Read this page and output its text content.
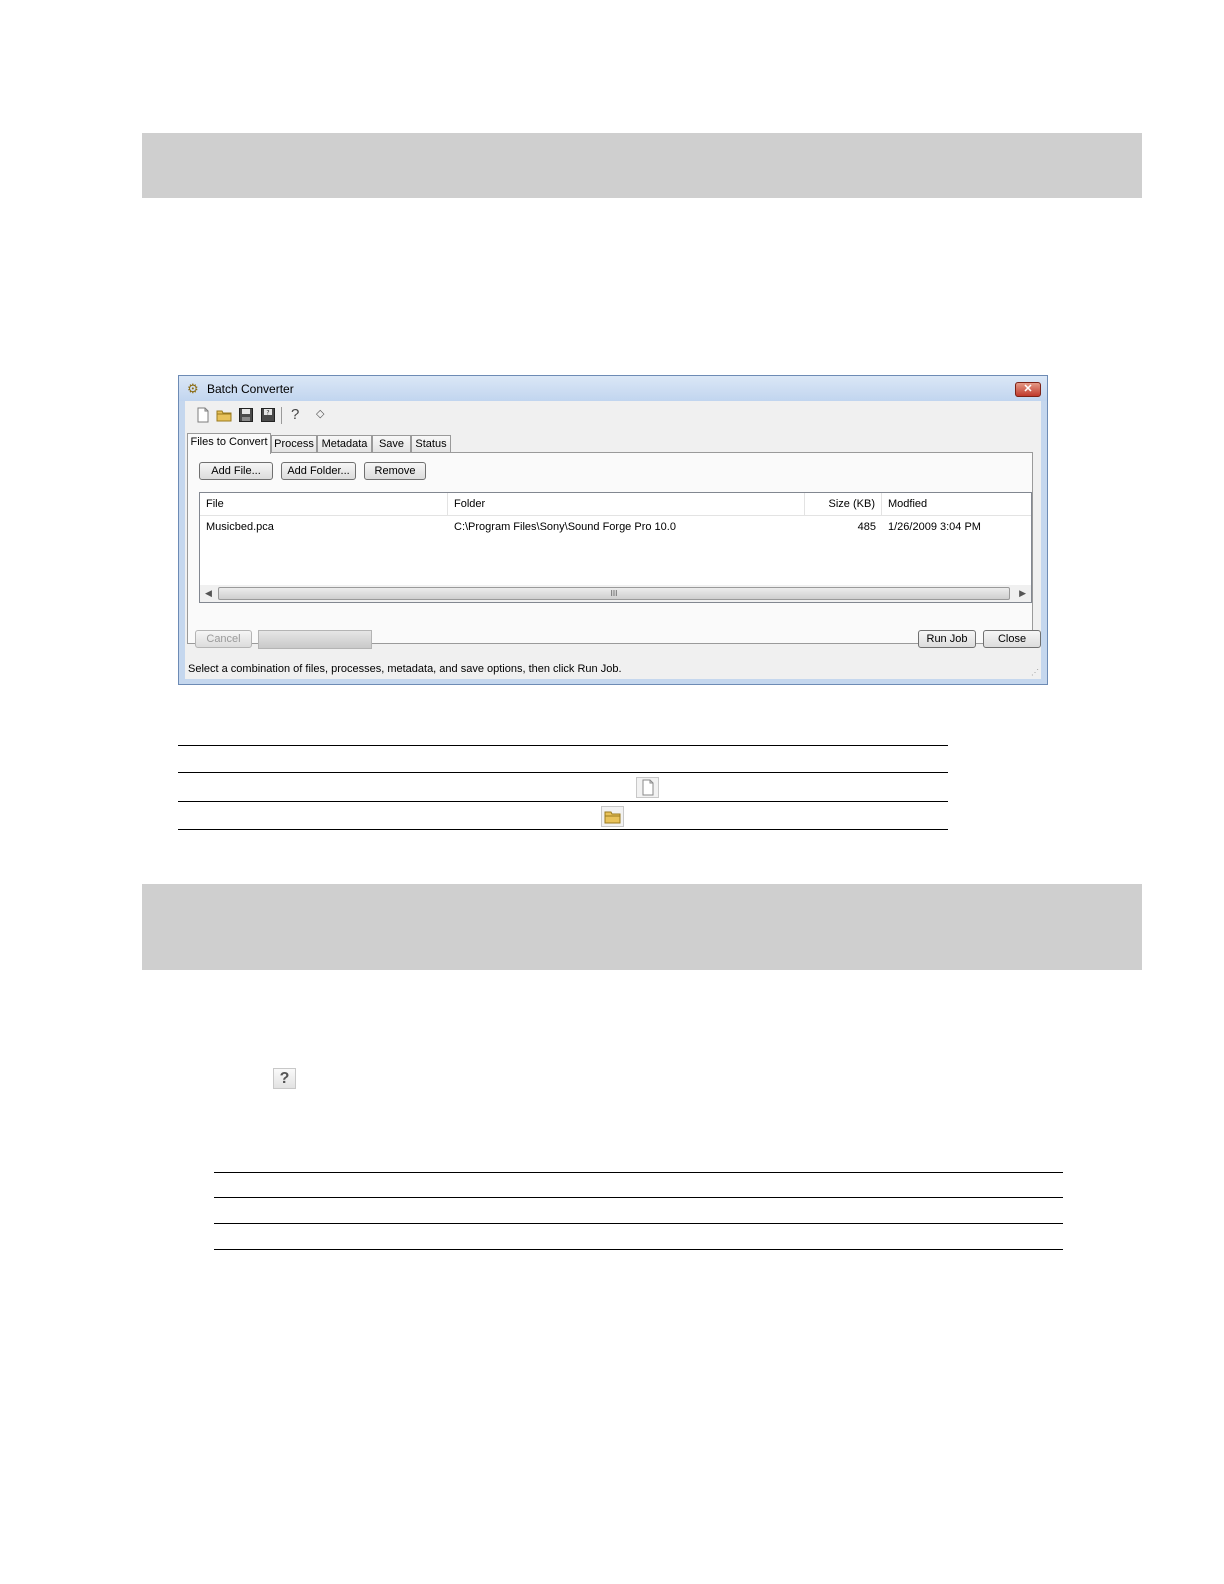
⚙ Batch Converter	✕
? ? ◇
Files to Convert Process Metadata	Save	Status
Add File...	Add Folder...	Remove
File	Folder	Size (KB)	Modfied
Musicbed.pca	C:\Program Files\Sony\Sound Forge Pro 10.0	485 1/26/2009 3:04 PM
◀	III	▶
Cancel	Run Job	Close
Select a combination of files, processes, metadata, and save options, then click Run Job.	⋰
?
